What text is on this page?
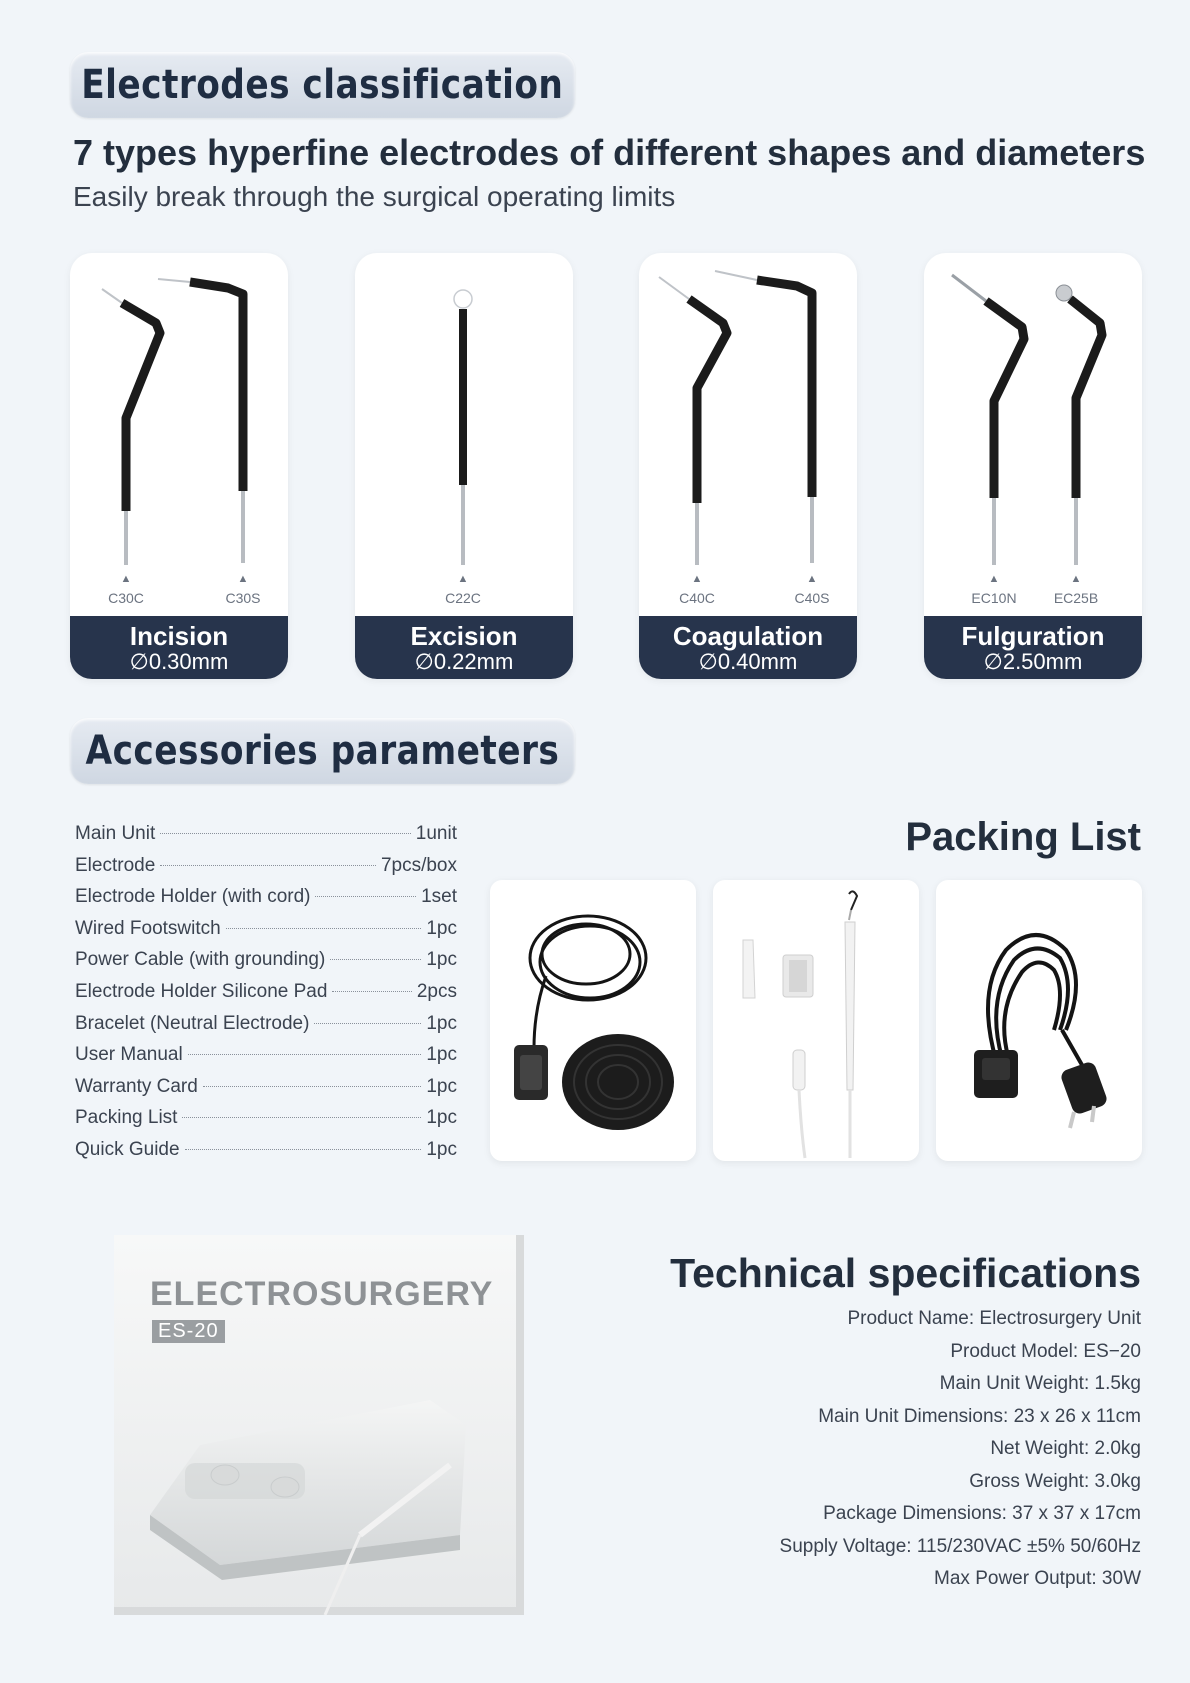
Electrodes classification
7 types hyperfine electrodes of different shapes and diameters
Easily break through the surgical operating limits
▲	▲
C30C	C30S
Incision
∅0.30mm
▲
C22C
Excision
∅0.22mm
▲	▲
C40C	C40S
Coagulation
∅0.40mm
▲	▲
EC10N	EC25B
Fulguration
∅2.50mm
Accessories parameters
Main Unit	1unit
Electrode	7pcs/box
Electrode Holder (with cord)	1set
Wired Footswitch	1pc
Power Cable (with grounding)	1pc
Electrode Holder Silicone Pad	2pcs
Bracelet (Neutral Electrode)	1pc
User Manual	1pc
Warranty Card	1pc
Packing List	1pc
Quick Guide	1pc
Packing List
ELECTROSURGERY
ES-20
Technical specifications
Product Name: Electrosurgery Unit
Product Model: ES−20
Main Unit Weight: 1.5kg
Main Unit Dimensions: 23 x 26 x 11cm
Net Weight: 2.0kg
Gross Weight: 3.0kg
Package Dimensions: 37 x 37 x 17cm
Supply Voltage: 115/230VAC ±5% 50/60Hz
Max Power Output: 30W
